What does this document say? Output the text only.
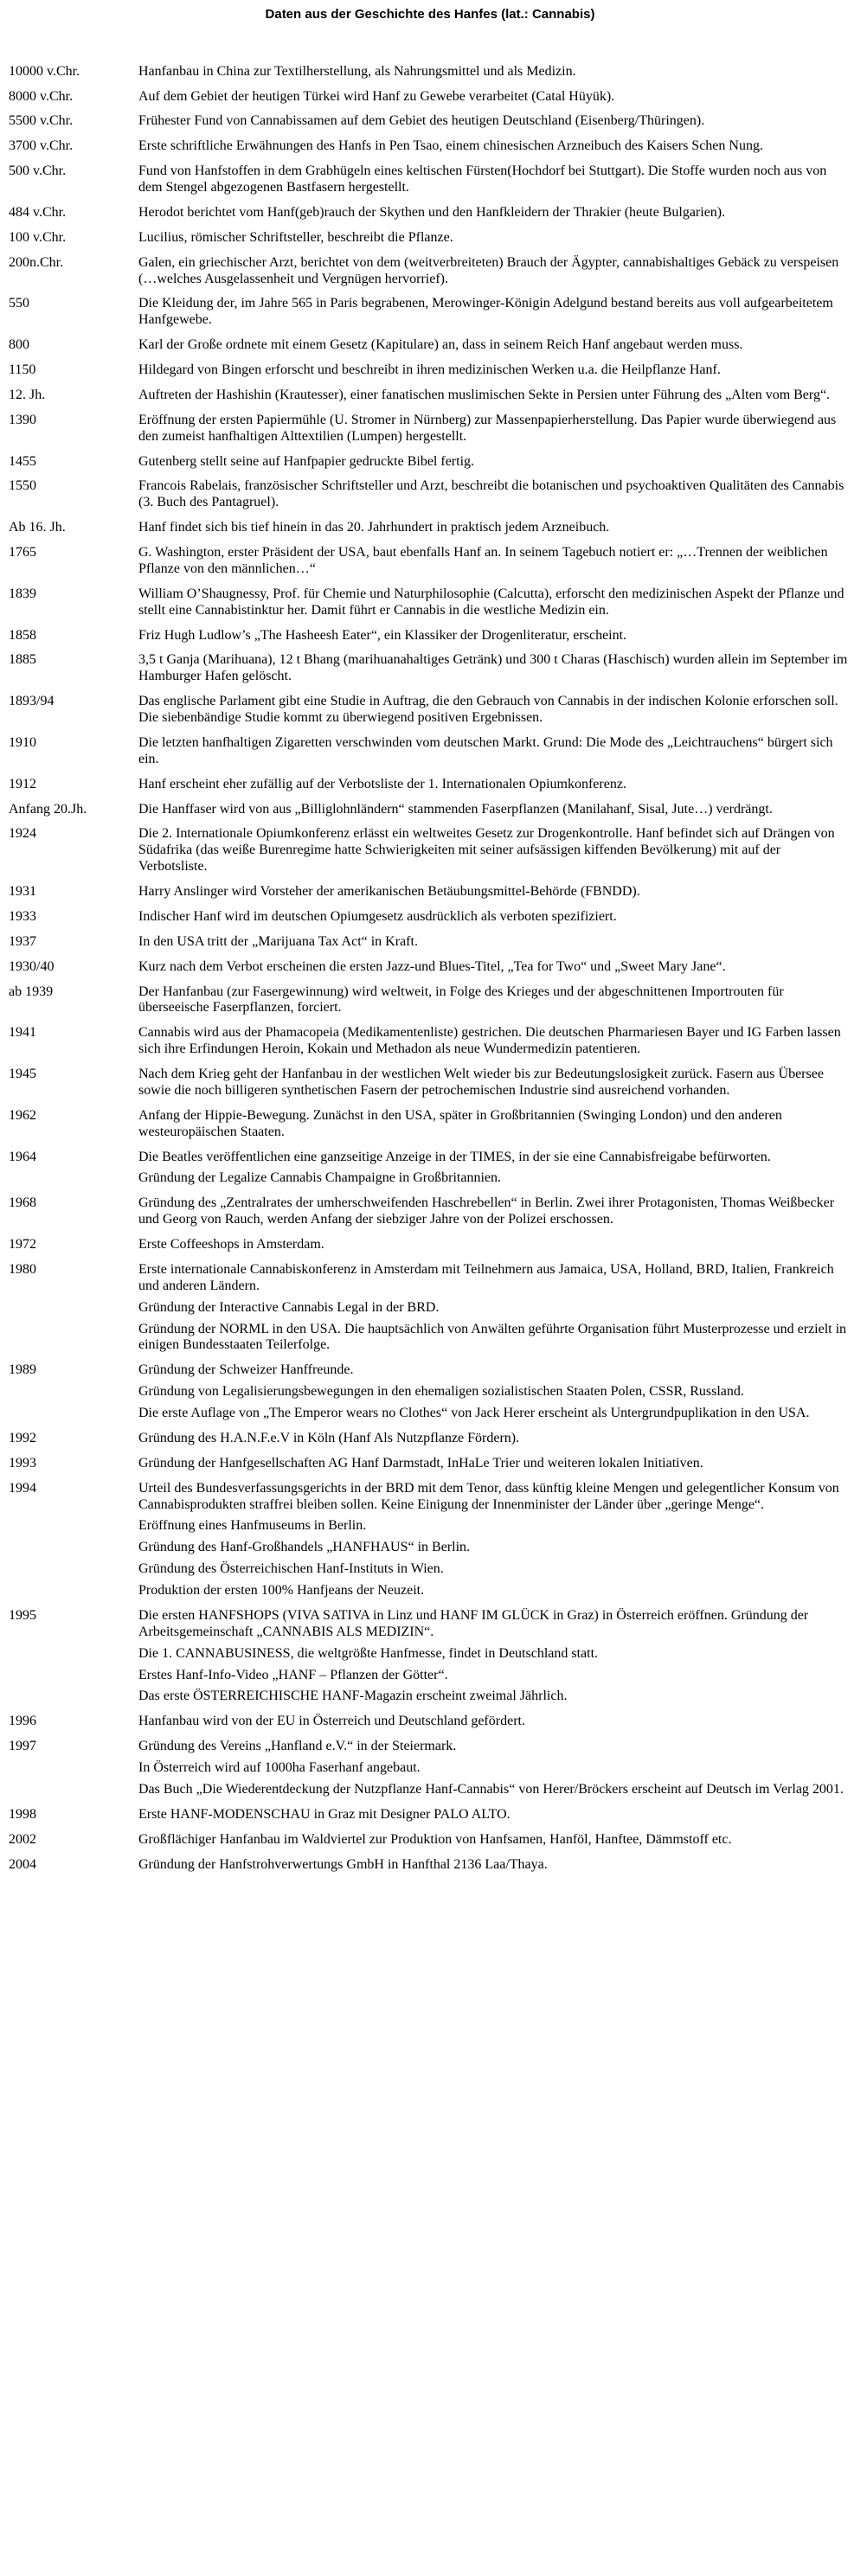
Daten aus der Geschichte des Hanfes (lat.: Cannabis)
10000 v.Chr.	Hanfanbau in China zur Textilherstellung, als Nahrungsmittel und als Medizin.

8000 v.Chr.	Auf dem Gebiet der heutigen Türkei wird Hanf zu Gewebe verarbeitet (Catal Hüyük).

5500 v.Chr.	Frühester Fund von Cannabissamen auf dem Gebiet des heutigen Deutschland (Eisenberg/Thüringen).

3700 v.Chr.	Erste schriftliche Erwähnungen des Hanfs in Pen Tsao, einem chinesischen Arzneibuch des Kaisers Schen Nung.

500 v.Chr.	Fund von Hanfstoffen in dem Grabhügeln eines keltischen Fürsten(Hochdorf bei Stuttgart). Die Stoffe wurden noch aus von dem Stengel abgezogenen Bastfasern hergestellt.

484 v.Chr.	Herodot berichtet vom Hanf(geb)rauch der Skythen und den Hanfkleidern der Thrakier (heute Bulgarien).

100 v.Chr.	Lucilius, römischer Schriftsteller, beschreibt die Pflanze.

200n.Chr.	Galen, ein griechischer Arzt, berichtet von dem (weitverbreiteten) Brauch der Ägypter, cannabishaltiges Gebäck zu verspeisen (…welches Ausgelassenheit und Vergnügen hervorrief).

550	Die Kleidung der, im Jahre 565 in Paris begrabenen, Merowinger-Königin Adelgund bestand bereits aus voll aufgearbeitetem Hanfgewebe.

800	Karl der Große ordnete mit einem Gesetz (Kapitulare) an, dass in seinem Reich Hanf angebaut werden muss.

1150	Hildegard von Bingen erforscht und beschreibt in ihren medizinischen Werken u.a. die Heilpflanze Hanf.

12. Jh.	Auftreten der Hashishin (Krautesser), einer fanatischen muslimischen Sekte in Persien unter Führung des „Alten vom Berg“.

1390	Eröffnung der ersten Papiermühle (U. Stromer in Nürnberg) zur Massenpapierherstellung. Das Papier wurde überwiegend aus den zumeist hanfhaltigen Alttextilien (Lumpen) hergestellt.

1455	Gutenberg stellt seine auf Hanfpapier gedruckte Bibel fertig.

1550	Francois Rabelais, französischer Schriftsteller und Arzt, beschreibt die botanischen und psychoaktiven Qualitäten des Cannabis (3. Buch des Pantagruel).

Ab 16. Jh.	Hanf findet sich bis tief hinein in das 20. Jahrhundert in praktisch jedem Arzneibuch.

1765	G. Washington, erster Präsident der USA, baut ebenfalls Hanf an. In seinem Tagebuch notiert er: „…Trennen der weiblichen Pflanze von den männlichen…“

1839	William O’Shaugnessy, Prof. für Chemie und Naturphilosophie (Calcutta), erforscht den medizinischen Aspekt der Pflanze und stellt eine Cannabistinktur her. Damit führt er Cannabis in die westliche Medizin ein.

1858	Friz Hugh Ludlow’s „The Hasheesh Eater“, ein Klassiker der Drogenliteratur, erscheint.

1885	3,5 t Ganja (Marihuana), 12 t Bhang (marihuanahaltiges Getränk) und 300 t Charas (Haschisch) wurden allein im September im Hamburger Hafen gelöscht.

1893/94	Das englische Parlament gibt eine Studie in Auftrag, die den Gebrauch von Cannabis in der indischen Kolonie erforschen soll. Die siebenbändige Studie kommt zu überwiegend positiven Ergebnissen.

1910	Die letzten hanfhaltigen Zigaretten verschwinden vom deutschen Markt. Grund: Die Mode des „Leichtrauchens“ bürgert sich ein.

1912	Hanf erscheint eher zufällig auf der Verbotsliste der 1. Internationalen Opiumkonferenz.

Anfang 20.Jh.	Die Hanffaser wird von aus „Billiglohnländern“ stammenden Faserpflanzen (Manilahanf, Sisal, Jute…) verdrängt.

1924	Die 2. Internationale Opiumkonferenz erlässt ein weltweites Gesetz zur Drogenkontrolle. Hanf befindet sich auf Drängen von Südafrika (das weiße Burenregime hatte Schwierigkeiten mit seiner aufsässigen kiffenden Bevölkerung) mit auf der Verbotsliste.

1931	Harry Anslinger wird Vorsteher der amerikanischen Betäubungsmittel-Behörde (FBNDD).

1933	Indischer Hanf wird im deutschen Opiumgesetz ausdrücklich als verboten spezifiziert.

1937	In den USA tritt der „Marijuana Tax Act“ in Kraft.

1930/40	Kurz nach dem Verbot erscheinen die ersten Jazz-und Blues-Titel, „Tea for Two“ und „Sweet Mary Jane“.

ab 1939	Der Hanfanbau (zur Fasergewinnung) wird weltweit, in Folge des Krieges und der abgeschnittenen Importrouten für überseeische Faserpflanzen, forciert.

1941	Cannabis wird aus der Phamacopeia (Medikamentenliste) gestrichen. Die deutschen Pharmariesen Bayer und IG Farben lassen sich ihre Erfindungen Heroin, Kokain und Methadon als neue Wundermedizin patentieren.

1945	Nach dem Krieg geht der Hanfanbau in der westlichen Welt wieder bis zur Bedeutungslosigkeit zurück. Fasern aus Übersee sowie die noch billigeren synthetischen Fasern der petrochemischen Industrie sind ausreichend vorhanden.

1962	Anfang der Hippie-Bewegung. Zunächst in den USA, später in Großbritannien (Swinging London) und den anderen westeuropäischen Staaten.

1964	Die Beatles veröffentlichen eine ganzseitige Anzeige in der TIMES, in der sie eine Cannabisfreigabe befürworten.

Gründung der Legalize Cannabis Champaigne in Großbritannien.

1968	Gründung des „Zentralrates der umherschweifenden Haschrebellen“ in Berlin. Zwei ihrer Protagonisten, Thomas Weißbecker und Georg von Rauch, werden Anfang der siebziger Jahre von der Polizei erschossen.

1972	Erste Coffeeshops in Amsterdam.

1980	Erste internationale Cannabiskonferenz in Amsterdam mit Teilnehmern aus Jamaica, USA, Holland, BRD, Italien, Frankreich und anderen Ländern.

Gründung der Interactive Cannabis Legal in der BRD.

Gründung der NORML in den USA. Die hauptsächlich von Anwälten geführte Organisation führt Musterprozesse und erzielt in einigen Bundesstaaten Teilerfolge.

1989	Gründung der Schweizer Hanffreunde.

Gründung von Legalisierungsbewegungen in den ehemaligen sozialistischen Staaten Polen, CSSR, Russland.

Die erste Auflage von „The Emperor wears no Clothes“ von Jack Herer erscheint als Untergrundpuplikation in den USA.

1992	Gründung des H.A.N.F.e.V in Köln (Hanf Als Nutzpflanze Fördern).

1993	Gründung der Hanfgesellschaften AG Hanf Darmstadt, InHaLe Trier und weiteren lokalen Initiativen.

1994	Urteil des Bundesverfassungsgerichts in der BRD mit dem Tenor, dass künftig kleine Mengen und gelegentlicher Konsum von Cannabisprodukten straffrei bleiben sollen. Keine Einigung der Innenminister der Länder über „geringe Menge“.

Eröffnung eines Hanfmuseums in Berlin.

Gründung des Hanf-Großhandels „HANFHAUS“ in Berlin.

Gründung des Österreichischen Hanf-Instituts in Wien.

Produktion der ersten 100% Hanfjeans der Neuzeit.

1995	Die ersten HANFSHOPS (VIVA SATIVA in Linz und HANF IM GLÜCK in Graz) in Österreich eröffnen. Gründung der Arbeitsgemeinschaft „CANNABIS ALS MEDIZIN“.

Die 1. CANNABUSINESS, die weltgrößte Hanfmesse, findet in Deutschland statt.

Erstes Hanf-Info-Video „HANF – Pflanzen der Götter“.

Das erste ÖSTERREICHISCHE HANF-Magazin erscheint zweimal Jährlich.

1996	Hanfanbau wird von der EU in Österreich und Deutschland gefördert.

1997	Gründung des Vereins „Hanfland e.V.“ in der Steiermark.

In Österreich wird auf 1000ha Faserhanf angebaut.

Das Buch „Die Wiederentdeckung der Nutzpflanze Hanf-Cannabis“ von Herer/Bröckers erscheint auf Deutsch im Verlag 2001.

1998	Erste HANF-MODENSCHAU in Graz mit Designer PALO ALTO.

2002	Großflächiger Hanfanbau im Waldviertel zur Produktion von Hanfsamen, Hanföl, Hanftee, Dämmstoff etc.

2004	Gründung der Hanfstrohverwertungs GmbH in Hanfthal 2136 Laa/Thaya.
